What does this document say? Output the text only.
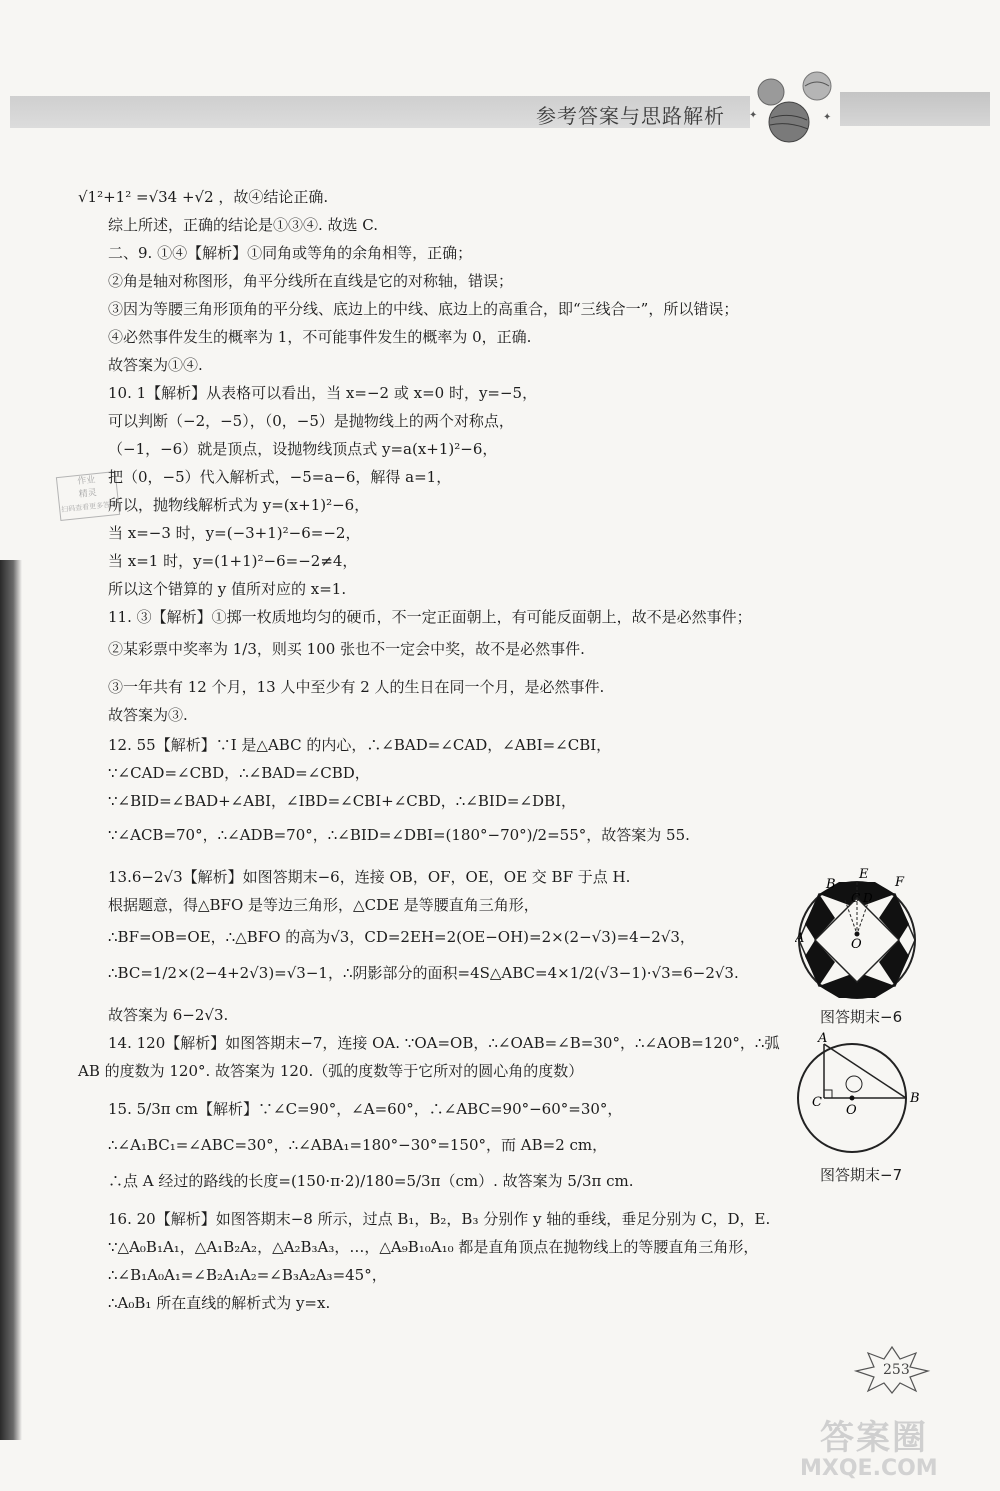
参考答案与思路解析 ✦	✦
作业
精灵
扫码查看更多答案
√1²+1² =√34 +√2 ，故④结论正确.
综上所述，正确的结论是①③④. 故选 C.
二、9. ①④【解析】①同角或等角的余角相等，正确；
②角是轴对称图形，角平分线所在直线是它的对称轴，错误；
③因为等腰三角形顶角的平分线、底边上的中线、底边上的高重合，即“三线合一”，所以错误；
④必然事件发生的概率为 1，不可能事件发生的概率为 0，正确.
故答案为①④.
10. 1【解析】从表格可以看出，当 x=−2 或 x=0 时，y=−5，
可以判断（−2，−5），（0，−5）是抛物线上的两个对称点，
（−1，−6）就是顶点，设抛物线顶点式 y=a(x+1)²−6，
把（0，−5）代入解析式，−5=a−6，解得 a=1，
所以，抛物线解析式为 y=(x+1)²−6，
当 x=−3 时，y=(−3+1)²−6=−2，
当 x=1 时，y=(1+1)²−6=−2≠4，
所以这个错算的 y 值所对应的 x=1.
11. ③【解析】①掷一枚质地均匀的硬币，不一定正面朝上，有可能反面朝上，故不是必然事件；
②某彩票中奖率为 1/3，则买 100 张也不一定会中奖，故不是必然事件.
③一年共有 12 个月，13 人中至少有 2 人的生日在同一个月，是必然事件.
故答案为③.
12. 55【解析】∵I 是△ABC 的内心，∴∠BAD=∠CAD，∠ABI=∠CBI，
∵∠CAD=∠CBD，∴∠BAD=∠CBD，
∵∠BID=∠BAD+∠ABI，∠IBD=∠CBI+∠CBD，∴∠BID=∠DBI，
∵∠ACB=70°，∴∠ADB=70°，∴∠BID=∠DBI=(180°−70°)/2=55°，故答案为 55.
13.6−2√3【解析】如图答期末−6，连接 OB，OF，OE，OE 交 BF 于点 H.
根据题意，得△BFO 是等边三角形，△CDE 是等腰直角三角形，
∴BF=OB=OE，∴△BFO 的高为√3，CD=2EH=2(OE−OH)=2×(2−√3)=4−2√3，
∴BC=1/2×(2−4+2√3)=√3−1，∴阴影部分的面积=4S△ABC=4×1/2(√3−1)·√3=6−2√3.
故答案为 6−2√3.
14. 120【解析】如图答期末−7，连接 OA. ∵OA=OB，∴∠OAB=∠B=30°，∴∠AOB=120°，∴弧
AB 的度数为 120°. 故答案为 120.（弧的度数等于它所对的圆心角的度数）
15. 5/3π cm【解析】∵∠C=90°，∠A=60°，∴∠ABC=90°−60°=30°，
∴∠A₁BC₁=∠ABC=30°，∴∠ABA₁=180°−30°=150°，而 AB=2 cm，
∴点 A 经过的路线的长度=(150·π·2)/180=5/3π（cm）. 故答案为 5/3π cm.
16. 20【解析】如图答期末−8 所示，过点 B₁，B₂，B₃ 分别作 y 轴的垂线，垂足分别为 C，D，E.
∵△A₀B₁A₁，△A₁B₂A₂，△A₂B₃A₃，…，△A₉B₁₀A₁₀ 都是直角顶点在抛物线上的等腰直角三角形，
∴∠B₁A₀A₁=∠B₂A₁A₂=∠B₃A₂A₃=45°，
∴A₀B₁ 所在直线的解析式为 y=x.
B
E
F
C D
A	O
图答期末−6
A
B
C
O
图答期末−7
253
答案圈
MXQE.COM
